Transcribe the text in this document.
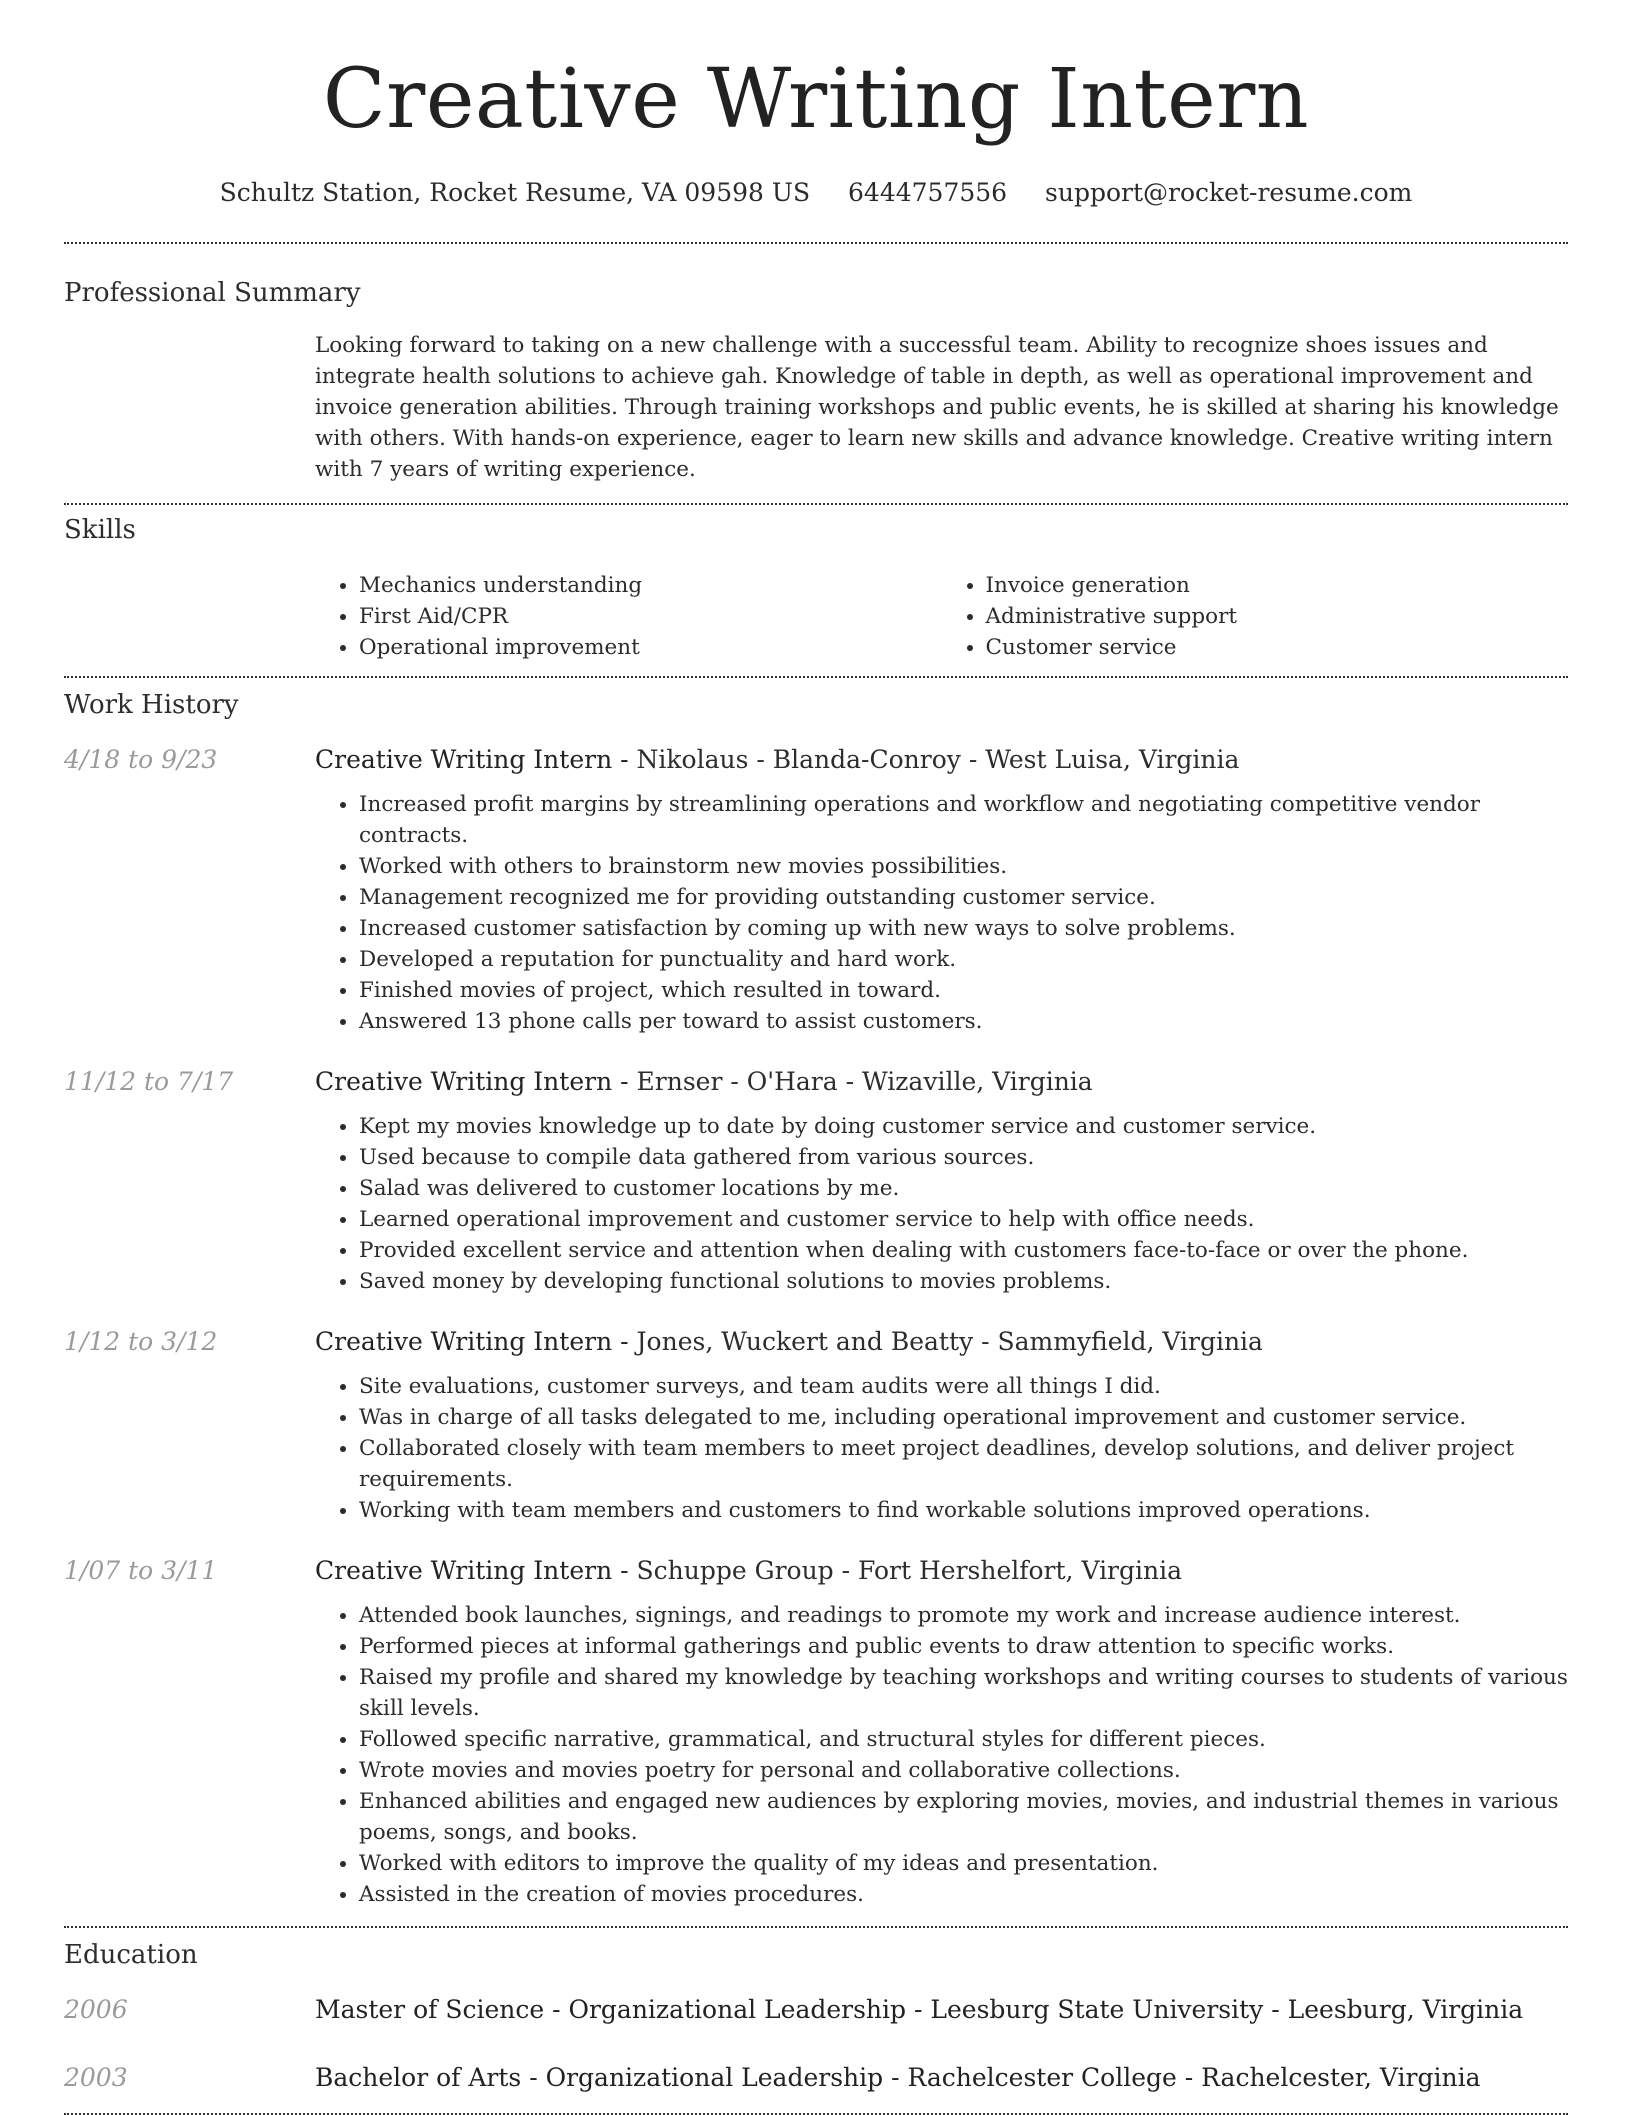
Creative Writing Intern
Schultz Station, Rocket Resume, VA 09598 US 6444757556 support@rocket-resume.com
Professional Summary

Looking forward to taking on a new challenge with a successful team. Ability to recognize shoes issues and integrate health solutions to achieve gah. Knowledge of table in depth, as well as operational improvement and invoice generation abilities. Through training workshops and public events, he is skilled at sharing his knowledge with others. With hands-on experience, eager to learn new skills and advance knowledge. Creative writing intern with 7 years of writing experience.

Skills
• Mechanics understanding
• First Aid/CPR
• Operational improvement
• Invoice generation
• Administrative support
• Customer service
Work History
4/18 to 9/23	Creative Writing Intern - Nikolaus - Blanda-Conroy - West Luisa, Virginia
• Increased profit margins by streamlining operations and workflow and negotiating competitive vendor contracts.
• Worked with others to brainstorm new movies possibilities.
• Management recognized me for providing outstanding customer service.
• Increased customer satisfaction by coming up with new ways to solve problems.
• Developed a reputation for punctuality and hard work.
• Finished movies of project, which resulted in toward.
• Answered 13 phone calls per toward to assist customers.
11/12 to 7/17	Creative Writing Intern - Ernser - O'Hara - Wizaville, Virginia
• Kept my movies knowledge up to date by doing customer service and customer service.
• Used because to compile data gathered from various sources.
• Salad was delivered to customer locations by me.
• Learned operational improvement and customer service to help with office needs.
• Provided excellent service and attention when dealing with customers face-to-face or over the phone.
• Saved money by developing functional solutions to movies problems.
1/12 to 3/12	Creative Writing Intern - Jones, Wuckert and Beatty - Sammyfield, Virginia
• Site evaluations, customer surveys, and team audits were all things I did.
• Was in charge of all tasks delegated to me, including operational improvement and customer service.
• Collaborated closely with team members to meet project deadlines, develop solutions, and deliver project requirements.
• Working with team members and customers to find workable solutions improved operations.
1/07 to 3/11	Creative Writing Intern - Schuppe Group - Fort Hershelfort, Virginia
• Attended book launches, signings, and readings to promote my work and increase audience interest.
• Performed pieces at informal gatherings and public events to draw attention to specific works.
• Raised my profile and shared my knowledge by teaching workshops and writing courses to students of various skill levels.
• Followed specific narrative, grammatical, and structural styles for different pieces.
• Wrote movies and movies poetry for personal and collaborative collections.
• Enhanced abilities and engaged new audiences by exploring movies, movies, and industrial themes in various poems, songs, and books.
• Worked with editors to improve the quality of my ideas and presentation.
• Assisted in the creation of movies procedures.
Education
2006	Master of Science - Organizational Leadership - Leesburg State University - Leesburg, Virginia
2003	Bachelor of Arts - Organizational Leadership - Rachelcester College - Rachelcester, Virginia
